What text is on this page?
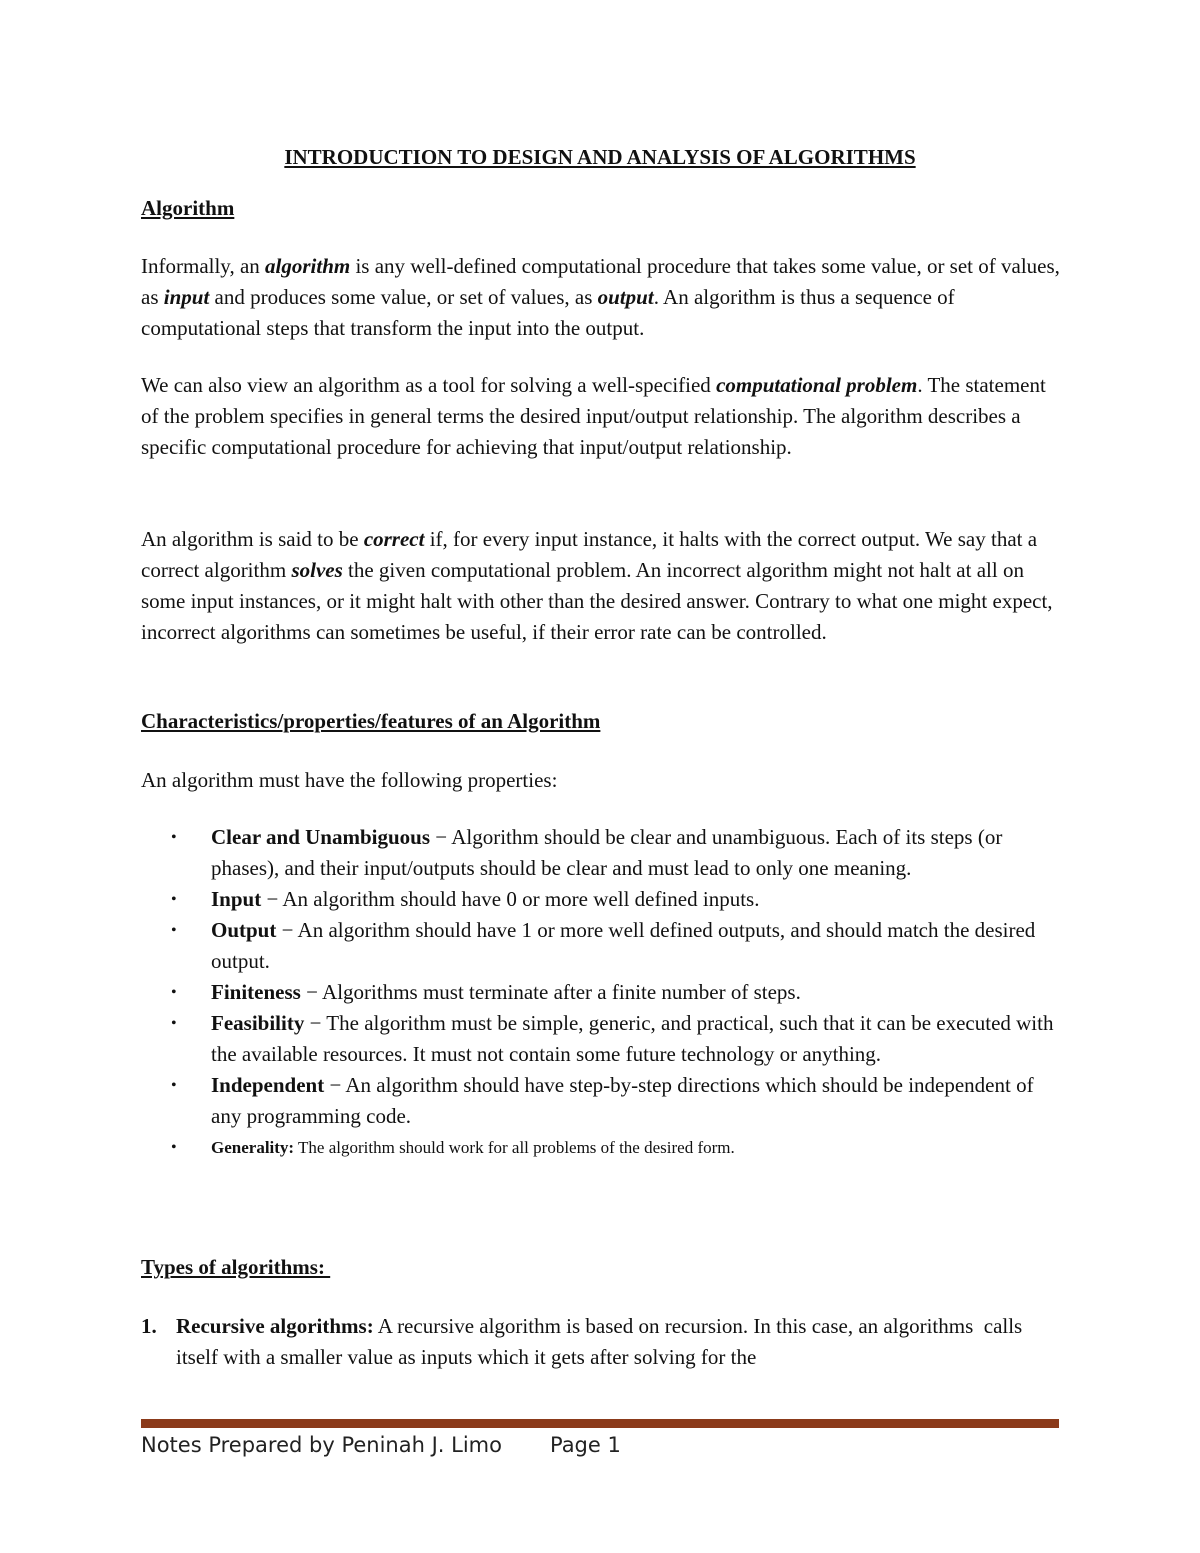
INTRODUCTION TO DESIGN AND ANALYSIS OF ALGORITHMS

Algorithm

Informally, an algorithm is any well-defined computational procedure that takes some value, or set of values, as input and produces some value, or set of values, as output. An algorithm is thus a sequence of computational steps that transform the input into the output.

We can also view an algorithm as a tool for solving a well-specified computational problem. The statement of the problem specifies in general terms the desired input/output relationship. The algorithm describes a specific computational procedure for achieving that input/output relationship.

An algorithm is said to be correct if, for every input instance, it halts with the correct output. We say that a correct algorithm solves the given computational problem. An incorrect algorithm might not halt at all on some input instances, or it might halt with other than the desired answer. Contrary to what one might expect, incorrect algorithms can sometimes be useful, if their error rate can be controlled.

Characteristics/properties/features of an Algorithm

An algorithm must have the following properties:

• Clear and Unambiguous − Algorithm should be clear and unambiguous. Each of its steps (or phases), and their input/outputs should be clear and must lead to only one meaning.
• Input − An algorithm should have 0 or more well defined inputs.
• Output − An algorithm should have 1 or more well defined outputs, and should match the desired output.
• Finiteness − Algorithms must terminate after a finite number of steps.
• Feasibility − The algorithm must be simple, generic, and practical, such that it can be executed with the available resources. It must not contain some future technology or anything.
• Independent − An algorithm should have step-by-step directions which should be independent of any programming code.
• Generality: The algorithm should work for all problems of the desired form.

Types of algorithms:

1. Recursive algorithms: A recursive algorithm is based on recursion. In this case, an algorithms  calls itself with a smaller value as inputs which it gets after solving for the
Notes Prepared by Peninah J. Limo Page 1
